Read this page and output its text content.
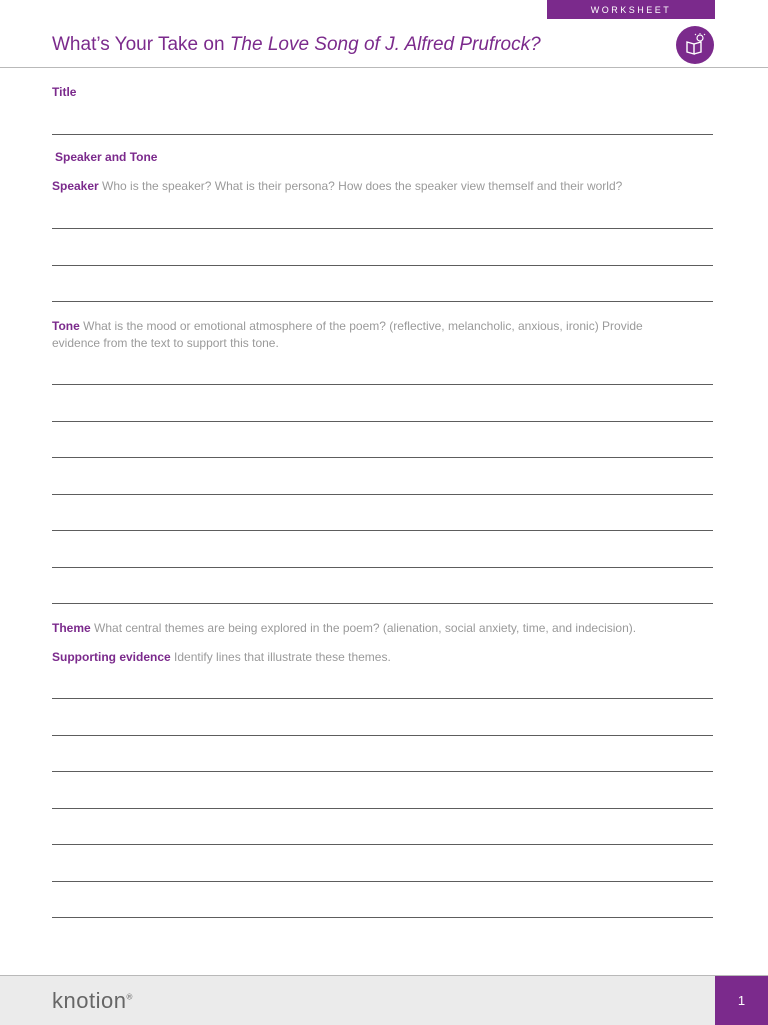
WORKSHEET
What’s Your Take on The Love Song of J. Alfred Prufrock?
Title
Speaker and Tone
Speaker Who is the speaker? What is their persona? How does the speaker view themself and their world?
Tone What is the mood or emotional atmosphere of the poem? (reflective, melancholic, anxious, ironic) Provide evidence from the text to support this tone.
Theme What central themes are being explored in the poem? (alienation, social anxiety, time, and indecision).
Supporting evidence Identify lines that illustrate these themes.
knotion®	1
